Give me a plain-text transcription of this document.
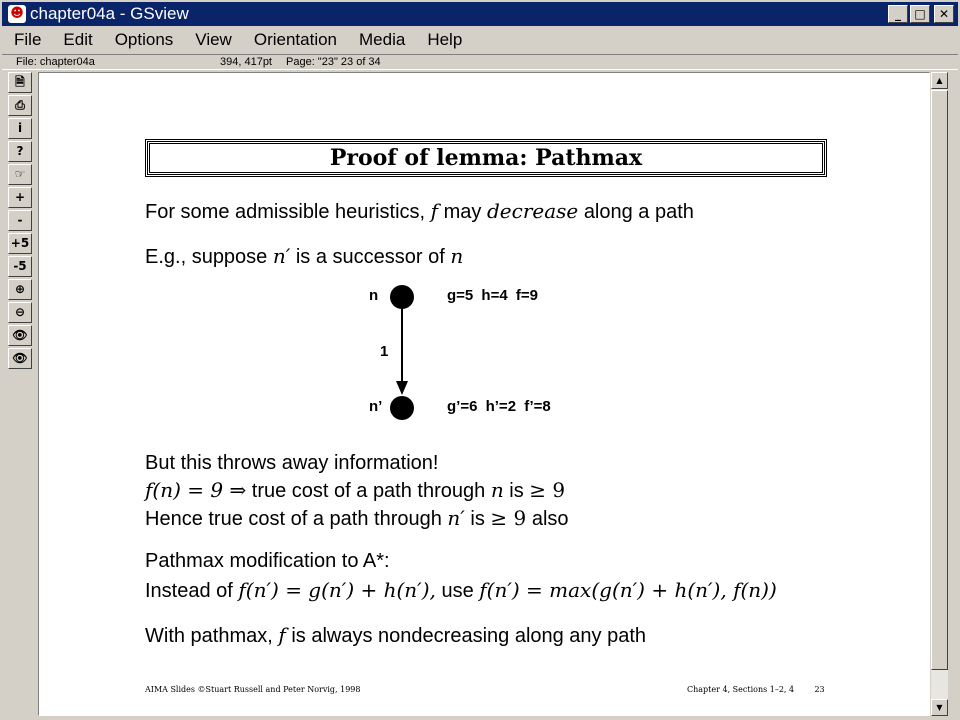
☻ chapter04a - GSview	_	□	✕
File	Edit	Options	View	Orientation	Media	Help
File: chapter04a	394, 417pt Page: "23" 23 of 34
🗎
⎙
i
?
☞
+
-
+5
-5
⊕
⊖
👁
👁
Proof of lemma: Pathmax
For some admissible heuristics, f may decrease along a path
E.g., suppose n′ is a successor of n
n	g=5 h=4 f=9
1
n’	g’=6 h’=2 f’=8
But this throws away information!
f(n) = 9 ⇒ true cost of a path through n is ≥ 9
Hence true cost of a path through n′ is ≥ 9 also
Pathmax modification to A*:
Instead of f(n′) = g(n′) + h(n′), use f(n′) = max(g(n′) + h(n′), f(n))
With pathmax, f is always nondecreasing along any path
AIMA Slides ©Stuart Russell and Peter Norvig, 1998	Chapter 4, Sections 1–2, 4        23
▲
▼
